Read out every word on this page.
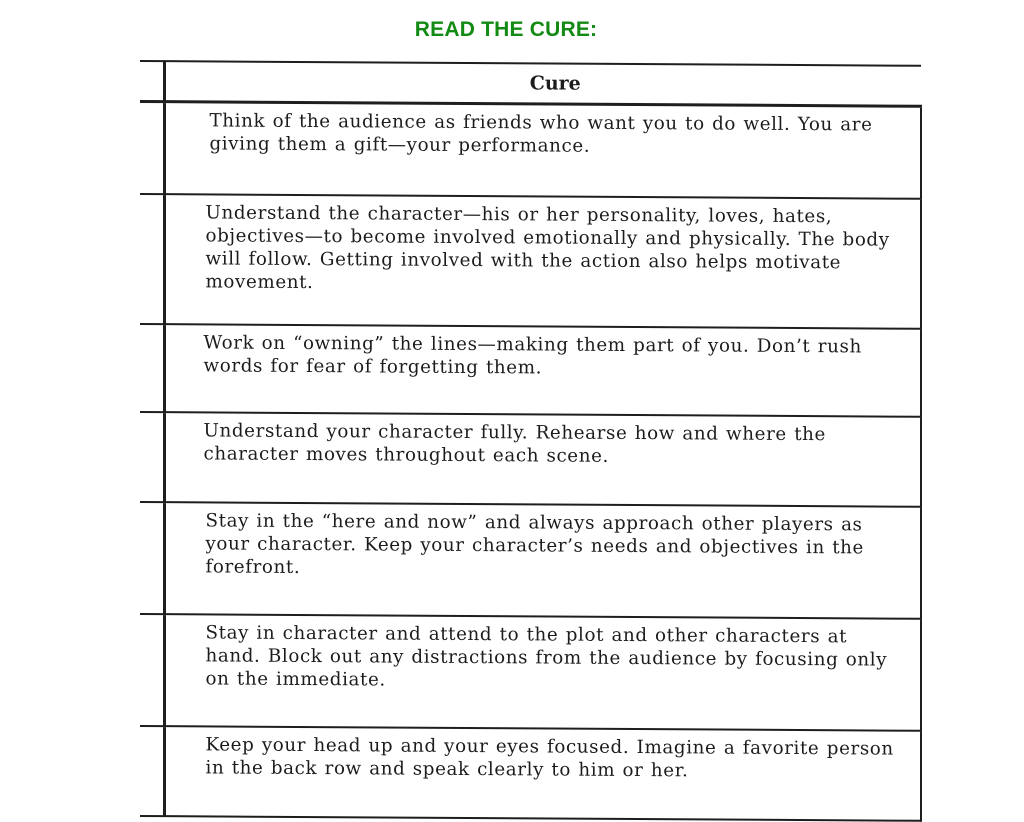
READ THE CURE:
	Cure
	Think of the audience as friends who want you to do well. You are giving them a gift—your performance.
	Understand the character—his or her personality, loves, hates, objectives—to become involved emotionally and physically. The body will follow. Getting involved with the action also helps motivate movement.
	Work on “owning” the lines—making them part of you. Don’t rush words for fear of forgetting them.
	Understand your character fully. Rehearse how and where the character moves throughout each scene.
	Stay in the “here and now” and always approach other players as your character. Keep your character’s needs and objectives in the forefront.
	Stay in character and attend to the plot and other characters at hand. Block out any distractions from the audience by focusing only on the immediate.
	Keep your head up and your eyes focused. Imagine a favorite person in the back row and speak clearly to him or her.
